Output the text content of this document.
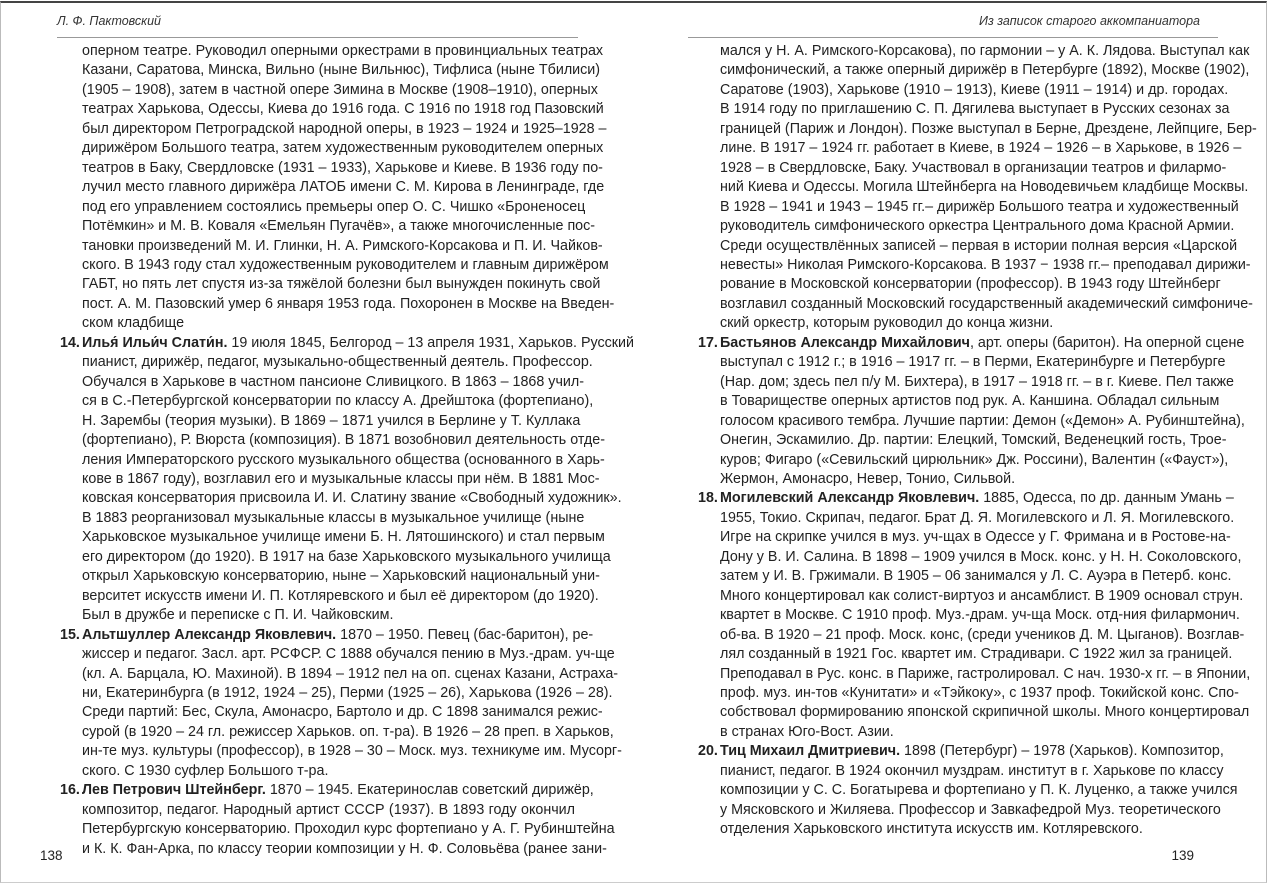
Л. Ф. Пактовский
оперном театре. Руководил оперными оркестрами в провинциальных театрах
Казани, Саратова, Минска, Вильно (ныне Вильнюс), Тифлиса (ныне Тбилиси)
(1905 – 1908), затем в частной опере Зимина в Москве (1908–1910), оперных
театрах Харькова, Одессы, Киева до 1916 года. С 1916 по 1918 год Пазовский
был директором Петроградской народной оперы, в 1923 – 1924 и 1925–1928 –
дирижёром Большого театра, затем художественным руководителем оперных
театров в Баку, Свердловске (1931 – 1933), Харькове и Киеве. В 1936 году по-
лучил место главного дирижёра ЛАТОБ имени С. М. Кирова в Ленинграде, где
под его управлением состоялись премьеры опер О. С. Чишко «Броненосец
Потёмкин» и М. В. Коваля «Емельян Пугачёв», а также многочисленные пос-
тановки произведений М. И. Глинки, Н. А. Римского-Корсакова и П. И. Чайков-
ского. В 1943 году стал художественным руководителем и главным дирижёром
ГАБТ, но пять лет спустя из-за тяжёлой болезни был вынужден покинуть свой
пост. А. М. Пазовский умер 6 января 1953 года. Похоронен в Москве на Введен-
ском кладбище
14. Илья́ Ильи́ч Слати́н. 19 июля 1845, Белгород – 13 апреля 1931, Харьков. Русский
пианист, дирижёр, педагог, музыкально-общественный деятель. Профессор.
Обучался в Харькове в частном пансионе Сливицкого. В 1863 – 1868 учил-
ся в С.-Петербургской консерватории по классу А. Дрейштока (фортепиано),
Н. Зарембы (теория музыки). В 1869 – 1871 учился в Берлине у Т. Куллака
(фортепиано), Р. Вюрста (композиция). В 1871 возобновил деятельность отде-
ления Императорского русского музыкального общества (основанного в Харь-
кове в 1867 году), возглавил его и музыкальные классы при нём. В 1881 Мос-
ковская консерватория присвоила И. И. Слатину звание «Свободный художник».
В 1883 реорганизовал музыкальные классы в музыкальное училище (ныне
Харьковское музыкальное училище имени Б. Н. Лятошинского) и стал первым
его директором (до 1920). В 1917 на базе Харьковского музыкального училища
открыл Харьковскую консерваторию, ныне – Харьковский национальный уни-
верситет искусств имени И. П. Котляревского и был её директором (до 1920).
Был в дружбе и переписке с П. И. Чайковским.
15. Альтшуллер Александр Яковлевич. 1870 – 1950. Певец (бас-баритон), ре-
жиссер и педагог. Засл. арт. РСФСР. С 1888 обучался пению в Муз.-драм. уч-ще
(кл. А. Барцала, Ю. Махиной). В 1894 – 1912 пел на оп. сценах Казани, Астраха-
ни, Екатеринбурга (в 1912, 1924 – 25), Перми (1925 – 26), Харькова (1926 – 28).
Среди партий: Бес, Скула, Амонасро, Бартоло и др. С 1898 занимался режис-
сурой (в 1920 – 24 гл. режиссер Харьков. оп. т-ра). В 1926 – 28 преп. в Харьков,
ин-те муз. культуры (профессор), в 1928 – 30 – Моск. муз. техникуме им. Мусорг-
ского. С 1930 суфлер Большого т-ра.
16. Лев Петрович Штейнберг. 1870 – 1945. Екатеринослав советский дирижёр,
композитор, педагог. Народный артист СССР (1937). В 1893 году окончил
Петербургскую консерваторию. Проходил курс фортепиано у А. Г. Рубинштейна
и К. К. Фан-Арка, по классу теории композиции у Н. Ф. Соловьёва (ранее зани-
138
Из записок старого аккомпаниатора
мался у Н. А. Римского-Корсакова), по гармонии – у А. К. Лядова. Выступал как
симфонический, а также оперный дирижёр в Петербурге (1892), Москве (1902),
Саратове (1903), Харькове (1910 – 1913), Киеве (1911 – 1914) и др. городах.
В 1914 году по приглашению С. П. Дягилева выступает в Русских сезонах за
границей (Париж и Лондон). Позже выступал в Берне, Дрездене, Лейпциге, Бер-
лине. В 1917 – 1924 гг. работает в Киеве, в 1924 – 1926 – в Харькове, в 1926 –
1928 – в Свердловске, Баку. Участвовал в организации театров и филармо-
ний Киева и Одессы. Могила Штейнберга на Новодевичьем кладбище Москвы.
В 1928 – 1941 и 1943 – 1945 гг.– дирижёр Большого театра и художественный
руководитель симфонического оркестра Центрального дома Красной Армии.
Среди осуществлённых записей – первая в истории полная версия «Царской
невесты» Николая Римского-Корсакова. В 1937 − 1938 гг.– преподавал дирижи-
рование в Московской консерватории (профессор). В 1943 году Штейнберг
возглавил созданный Московский государственный академический симфониче-
ский оркестр, которым руководил до конца жизни.
17. Бастьянов Александр Михайлович, арт. оперы (баритон). На оперной сцене
выступал с 1912 г.; в 1916 – 1917 гг. – в Перми, Екатеринбурге и Петербурге
(Нар. дом; здесь пел п/у М. Бихтера), в 1917 – 1918 гг. – в г. Киеве. Пел также
в Товариществе оперных артистов под рук. А. Каншина. Обладал сильным
голосом красивого тембра. Лучшие партии: Демон («Демон» А. Рубинштейна),
Онегин, Эскамилио. Др. партии: Елецкий, Томский, Веденецкий гость, Трое-
куров; Фигаро («Севильский цирюльник» Дж. Россини), Валентин («Фауст»),
Жермон, Амонасро, Невер, Тонио, Сильвой.
18. Могилевский Александр Яковлевич. 1885, Одесса, по др. данным Умань –
1955, Токио. Скрипач, педагог. Брат Д. Я. Могилевского и Л. Я. Могилевского.
Игре на скрипке учился в муз. уч-щах в Одессе у Г. Фримана и в Ростове-на-
Дону у В. И. Салина. В 1898 – 1909 учился в Моск. конс. у Н. Н. Соколовского,
затем у И. В. Гржимали. В 1905 – 06 занимался у Л. С. Ауэра в Петерб. конс.
Много концертировал как солист-виртуоз и ансамблист. В 1909 основал струн.
квартет в Москве. С 1910 проф. Муз.-драм. уч-ща Моск. отд-ния филармонич.
об-ва. В 1920 – 21 проф. Моск. конс, (среди учеников Д. М. Цыганов). Возглав-
лял созданный в 1921 Гос. квартет им. Страдивари. С 1922 жил за границей.
Преподавал в Рус. конс. в Париже, гастролировал. С нач. 1930-х гг. – в Японии,
проф. муз. ин-тов «Кунитати» и «Тэйкоку», с 1937 проф. Токийской конс. Спо-
собствовал формированию японской скрипичной школы. Много концертировал
в странах Юго-Вост. Азии.
20. Тиц Михаил Дмитриевич. 1898 (Петербург) – 1978 (Харьков). Композитор,
пианист, педагог. В 1924 окончил муздрам. институт в г. Харькове по классу
композиции у С. С. Богатырева и фортепиано у П. К. Луценко, а также учился
у Мясковского и Жиляева. Профессор и Завкафедрой Муз. теоретического
отделения Харьковского института искусств им. Котляревского.
139
